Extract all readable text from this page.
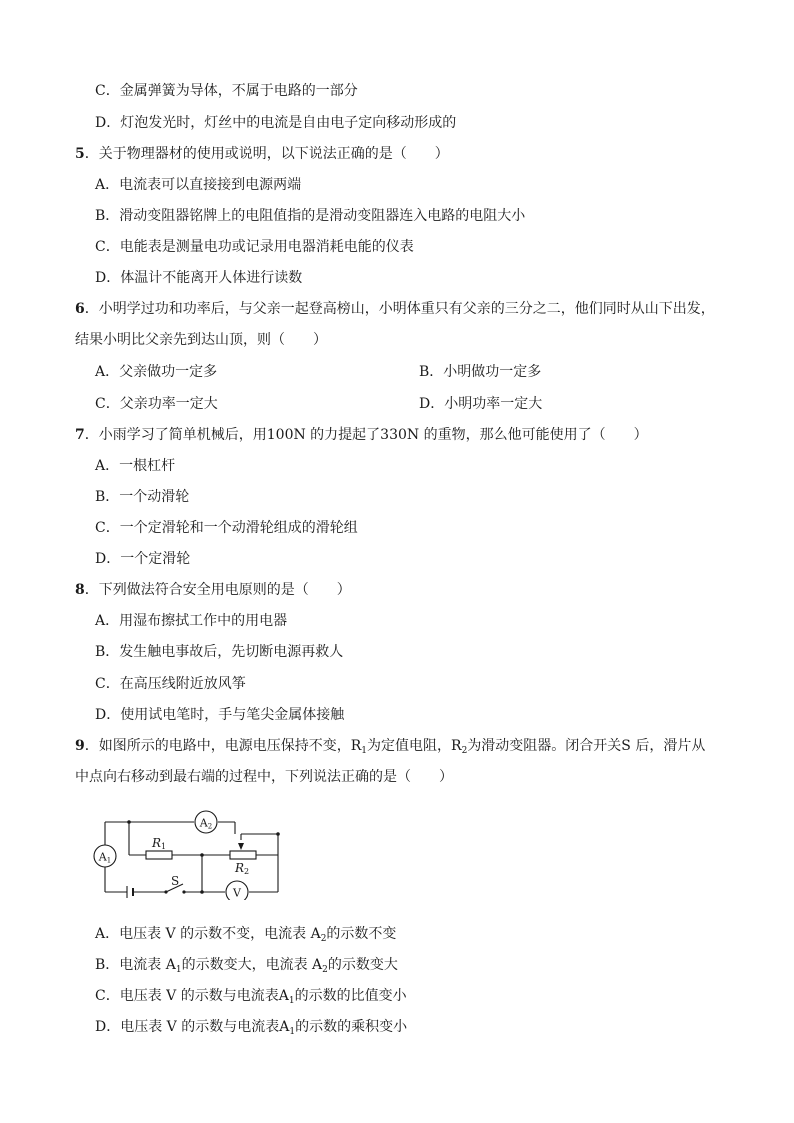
C．金属弹簧为导体，不属于电路的一部分
D．灯泡发光时，灯丝中的电流是自由电子定向移动形成的
5．关于物理器材的使用或说明，以下说法正确的是（　　）
A．电流表可以直接接到电源两端
B．滑动变阻器铭牌上的电阻值指的是滑动变阻器连入电路的电阻大小
C．电能表是测量电功或记录用电器消耗电能的仪表
D．体温计不能离开人体进行读数
6．小明学过功和功率后，与父亲一起登高榜山，小明体重只有父亲的三分之二，他们同时从山下出发，
结果小明比父亲先到达山顶，则（　　）
A．父亲做功一定多	B．小明做功一定多
C．父亲功率一定大	D．小明功率一定大
7．小雨学习了简单机械后，用100N 的力提起了330N 的重物，那么他可能使用了（　　）
A．一根杠杆
B．一个动滑轮
C．一个定滑轮和一个动滑轮组成的滑轮组
D．一个定滑轮
8．下列做法符合安全用电原则的是（　　）
A．用湿布擦拭工作中的用电器
B．发生触电事故后，先切断电源再救人
C．在高压线附近放风筝
D．使用试电笔时，手与笔尖金属体接触
9．如图所示的电路中，电源电压保持不变，$R_1$为定值电阻，$R_2$为滑动变阻器。闭合开关S 后，滑片从
中点向右移动到最右端的过程中，下列说法正确的是（　　）
A2
A1
V
R1
R2
S
A．电压表 V 的示数不变，电流表 $A_2$的示数不变
B．电流表 $A_1$的示数变大，电流表 $A_2$的示数变大
C．电压表 V 的示数与电流表$A_1$的示数的比值变小
D．电压表 V 的示数与电流表$A_1$的示数的乘积变小
